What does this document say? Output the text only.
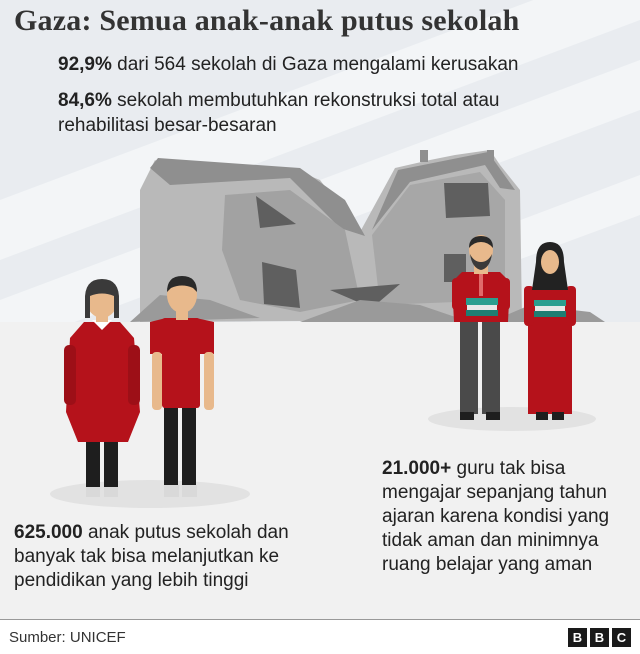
Gaza: Semua anak-anak putus sekolah
92,9% dari 564 sekolah di Gaza mengalami kerusakan
84,6% sekolah membutuhkan rekonstruksi total atau rehabilitasi besar-besaran
625.000 anak putus sekolah dan banyak tak bisa melanjutkan ke pendidikan yang lebih tinggi
21.000+ guru tak bisa mengajar sepanjang tahun ajaran karena kondisi yang tidak aman dan minimnya ruang belajar yang aman
Sumber: UNICEF	B B C
